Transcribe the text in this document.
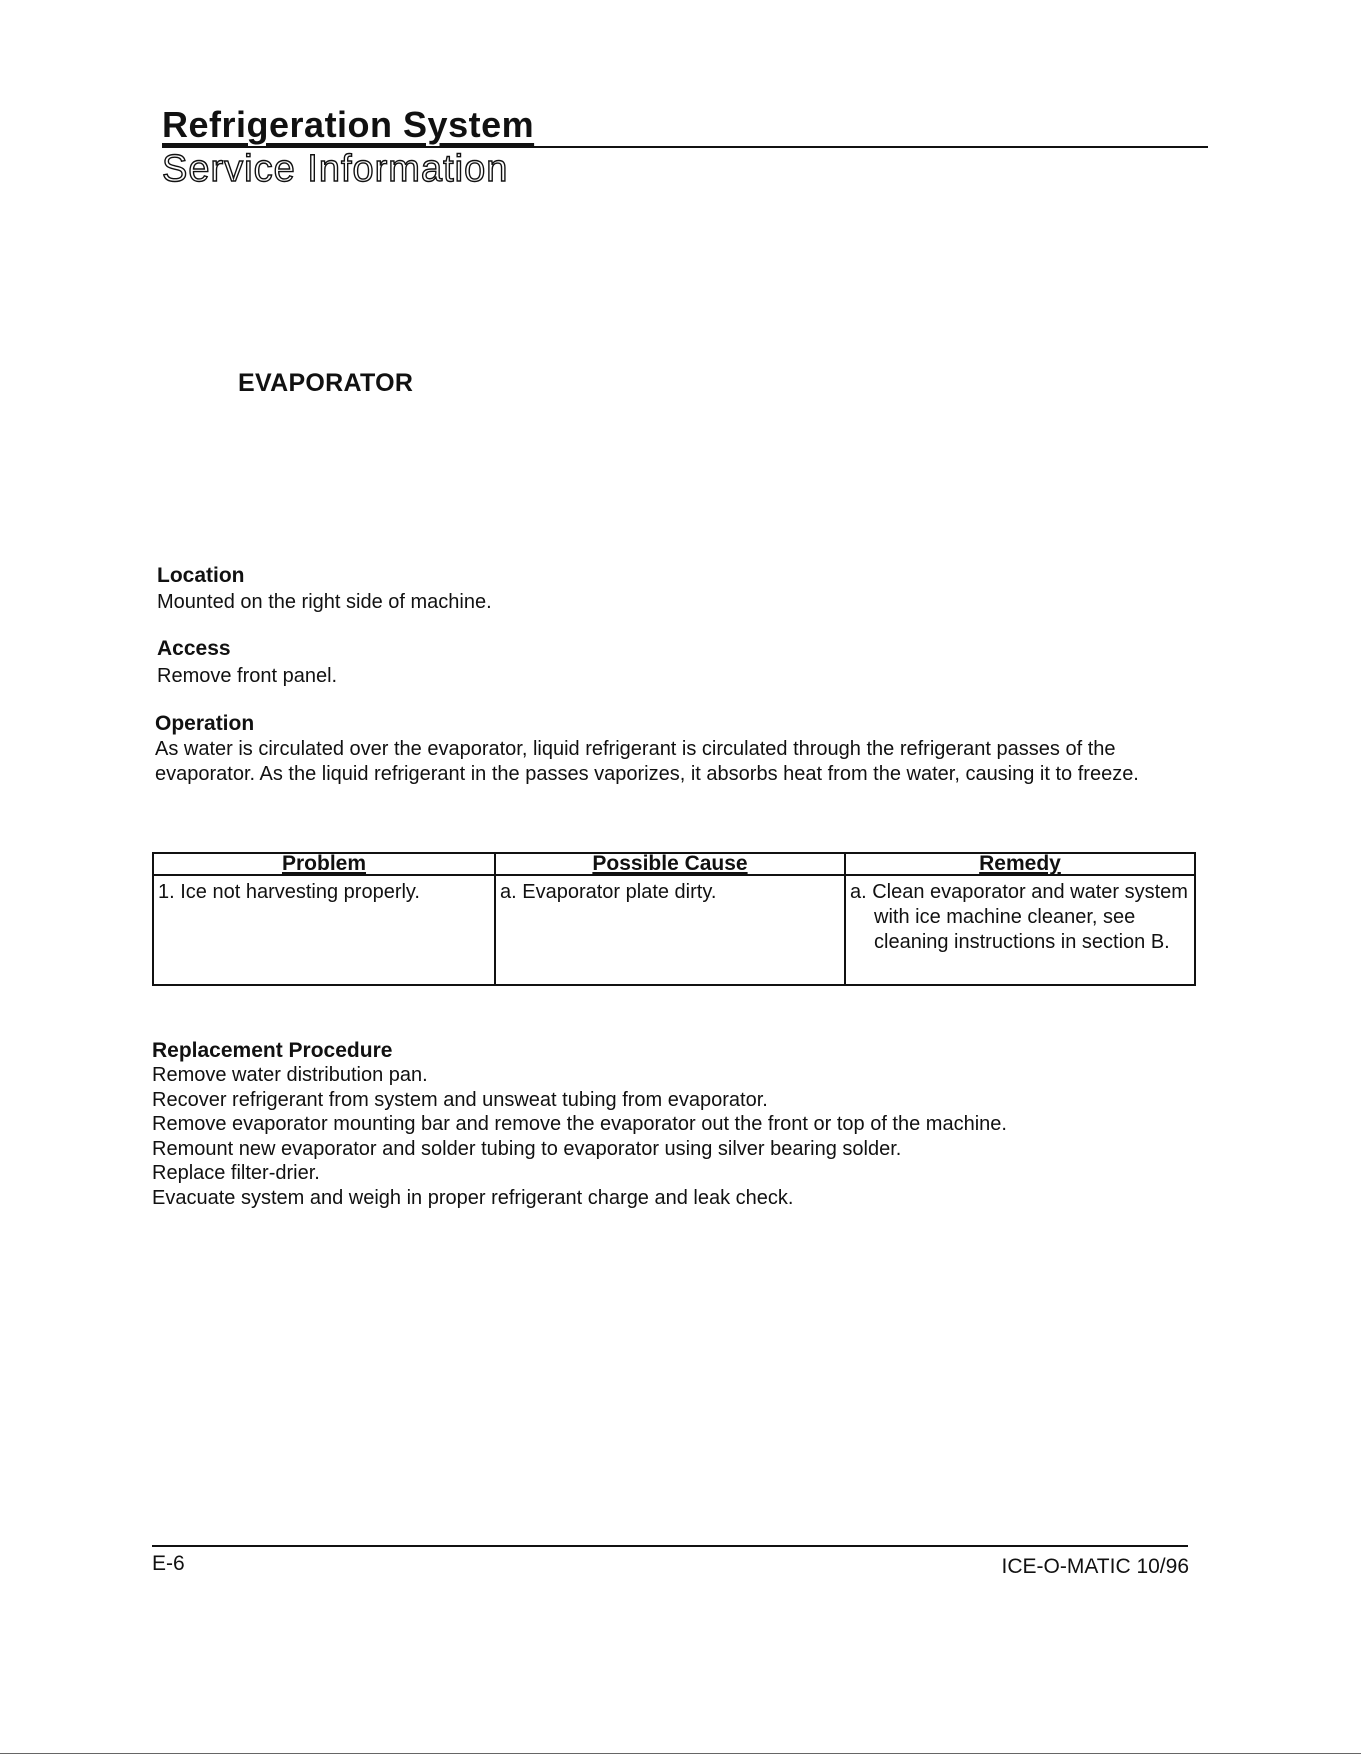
Refrigeration System
Service Information
EVAPORATOR
Location
Mounted on the right side of machine.
Access
Remove front panel.
Operation
As water is circulated over the evaporator, liquid refrigerant is circulated through the refrigerant passes of the
evaporator. As the liquid refrigerant in the passes vaporizes, it absorbs heat from the water, causing it to freeze.
Problem	Possible Cause	Remedy
1. Ice not harvesting properly.	a. Evaporator plate dirty.	a. Clean evaporator and water system with ice machine cleaner, see cleaning instructions in section B.
Replacement Procedure
Remove water distribution pan.
Recover refrigerant from system and unsweat tubing from evaporator.
Remove evaporator mounting bar and remove the evaporator out the front or top of the machine.
Remount new evaporator and solder tubing to evaporator using silver bearing solder.
Replace filter-drier.
Evacuate system and weigh in proper refrigerant charge and leak check.
E-6	ICE-O-MATIC 10/96
